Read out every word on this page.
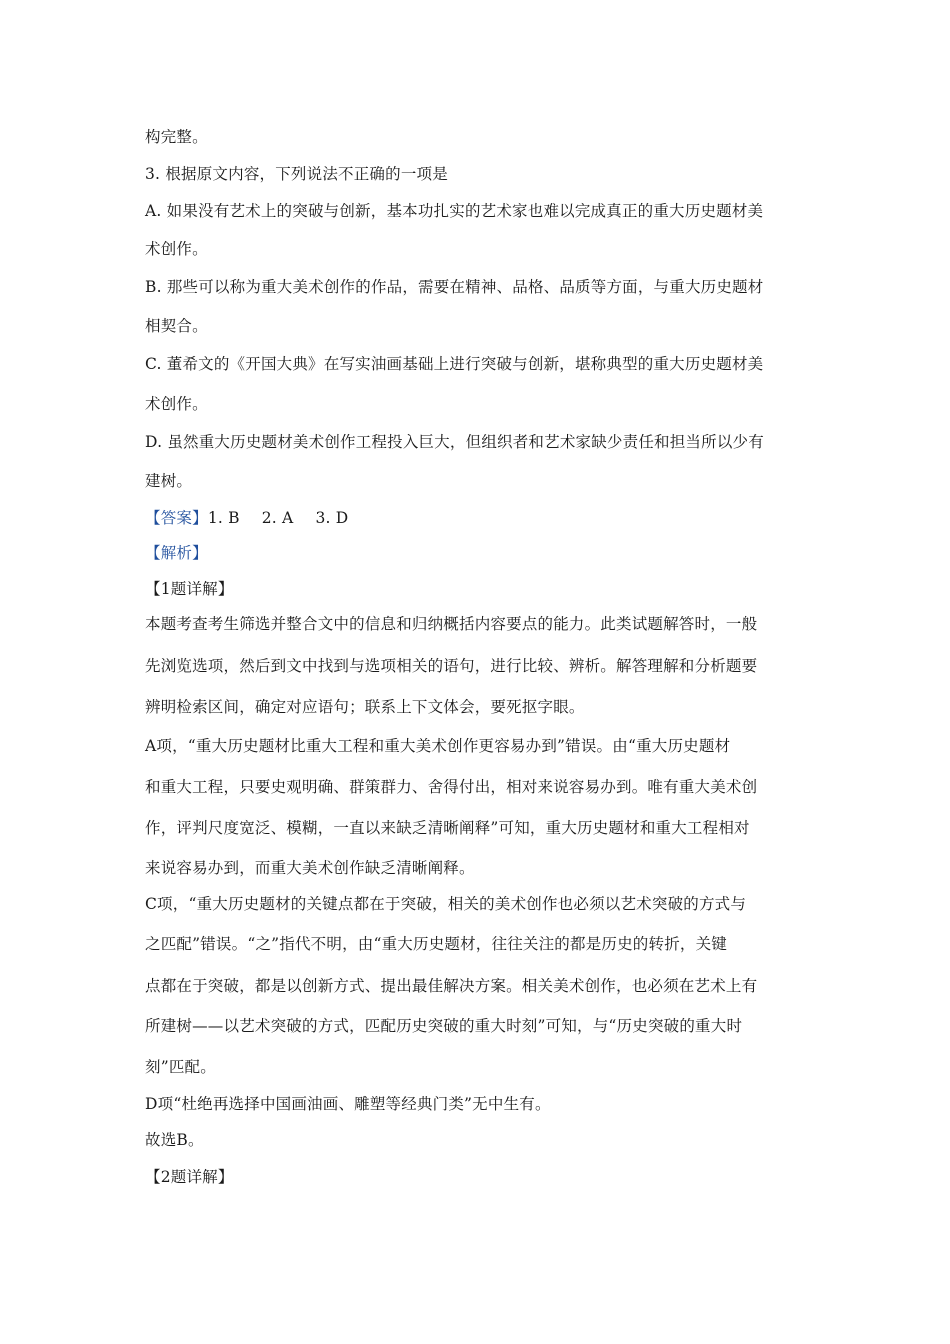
构完整。
3. 根据原文内容，下列说法不正确的一项是
A. 如果没有艺术上的突破与创新，基本功扎实的艺术家也难以完成真正的重大历史题材美
术创作。
B. 那些可以称为重大美术创作的作品，需要在精神、品格、品质等方面，与重大历史题材
相契合。
C. 董希文的《开国大典》在写实油画基础上进行突破与创新，堪称典型的重大历史题材美
术创作。
D. 虽然重大历史题材美术创作工程投入巨大，但组织者和艺术家缺少责任和担当所以少有
建树。
【答案】1. B 2. A 3. D
【解析】
【1题详解】
本题考查考生筛选并整合文中的信息和归纳概括内容要点的能力。此类试题解答时，一般
先浏览选项，然后到文中找到与选项相关的语句，进行比较、辨析。解答理解和分析题要
辨明检索区间，确定对应语句；联系上下文体会，要死抠字眼。
A项，“重大历史题材比重大工程和重大美术创作更容易办到”错误。由“重大历史题材
和重大工程，只要史观明确、群策群力、舍得付出，相对来说容易办到。唯有重大美术创
作，评判尺度宽泛、模糊，一直以来缺乏清晰阐释”可知，重大历史题材和重大工程相对
来说容易办到，而重大美术创作缺乏清晰阐释。
C项，“重大历史题材的关键点都在于突破，相关的美术创作也必须以艺术突破的方式与
之匹配”错误。“之”指代不明，由“重大历史题材，往往关注的都是历史的转折，关键
点都在于突破，都是以创新方式、提出最佳解决方案。相关美术创作，也必须在艺术上有
所建树——以艺术突破的方式，匹配历史突破的重大时刻”可知，与“历史突破的重大时
刻”匹配。
D项“杜绝再选择中国画油画、雕塑等经典门类”无中生有。
故选B。
【2题详解】
